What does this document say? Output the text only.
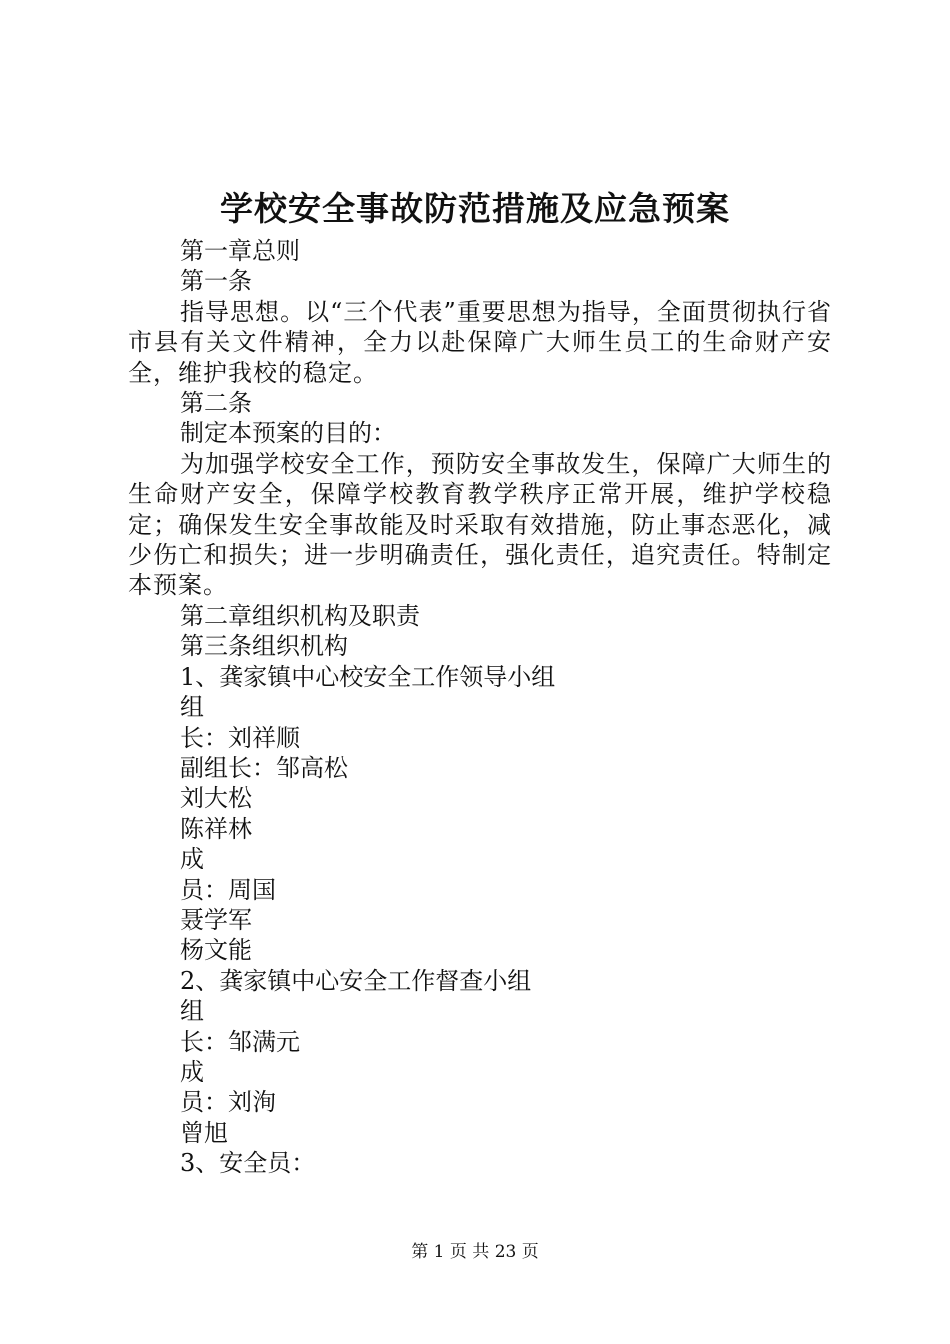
学校安全事故防范措施及应急预案

第一章总则

第一条

指导思想。以“三个代表”重要思想为指导，全面贯彻执行省市县有关文件精神，全力以赴保障广大师生员工的生命财产安全，维护我校的稳定。

第二条

制定本预案的目的：

为加强学校安全工作，预防安全事故发生，保障广大师生的生命财产安全，保障学校教育教学秩序正常开展，维护学校稳定；确保发生安全事故能及时采取有效措施，防止事态恶化，减少伤亡和损失；进一步明确责任，强化责任，追究责任。特制定本预案。

第二章组织机构及职责

第三条组织机构

1、龚家镇中心校安全工作领导小组

组

长：刘祥顺

副组长：邹高松

刘大松

陈祥林

成

员：周国

聂学军

杨文能

2、龚家镇中心安全工作督查小组

组

长：邹满元

成

员：刘洵

曾旭

3、安全员：

第 1 页 共 23 页
